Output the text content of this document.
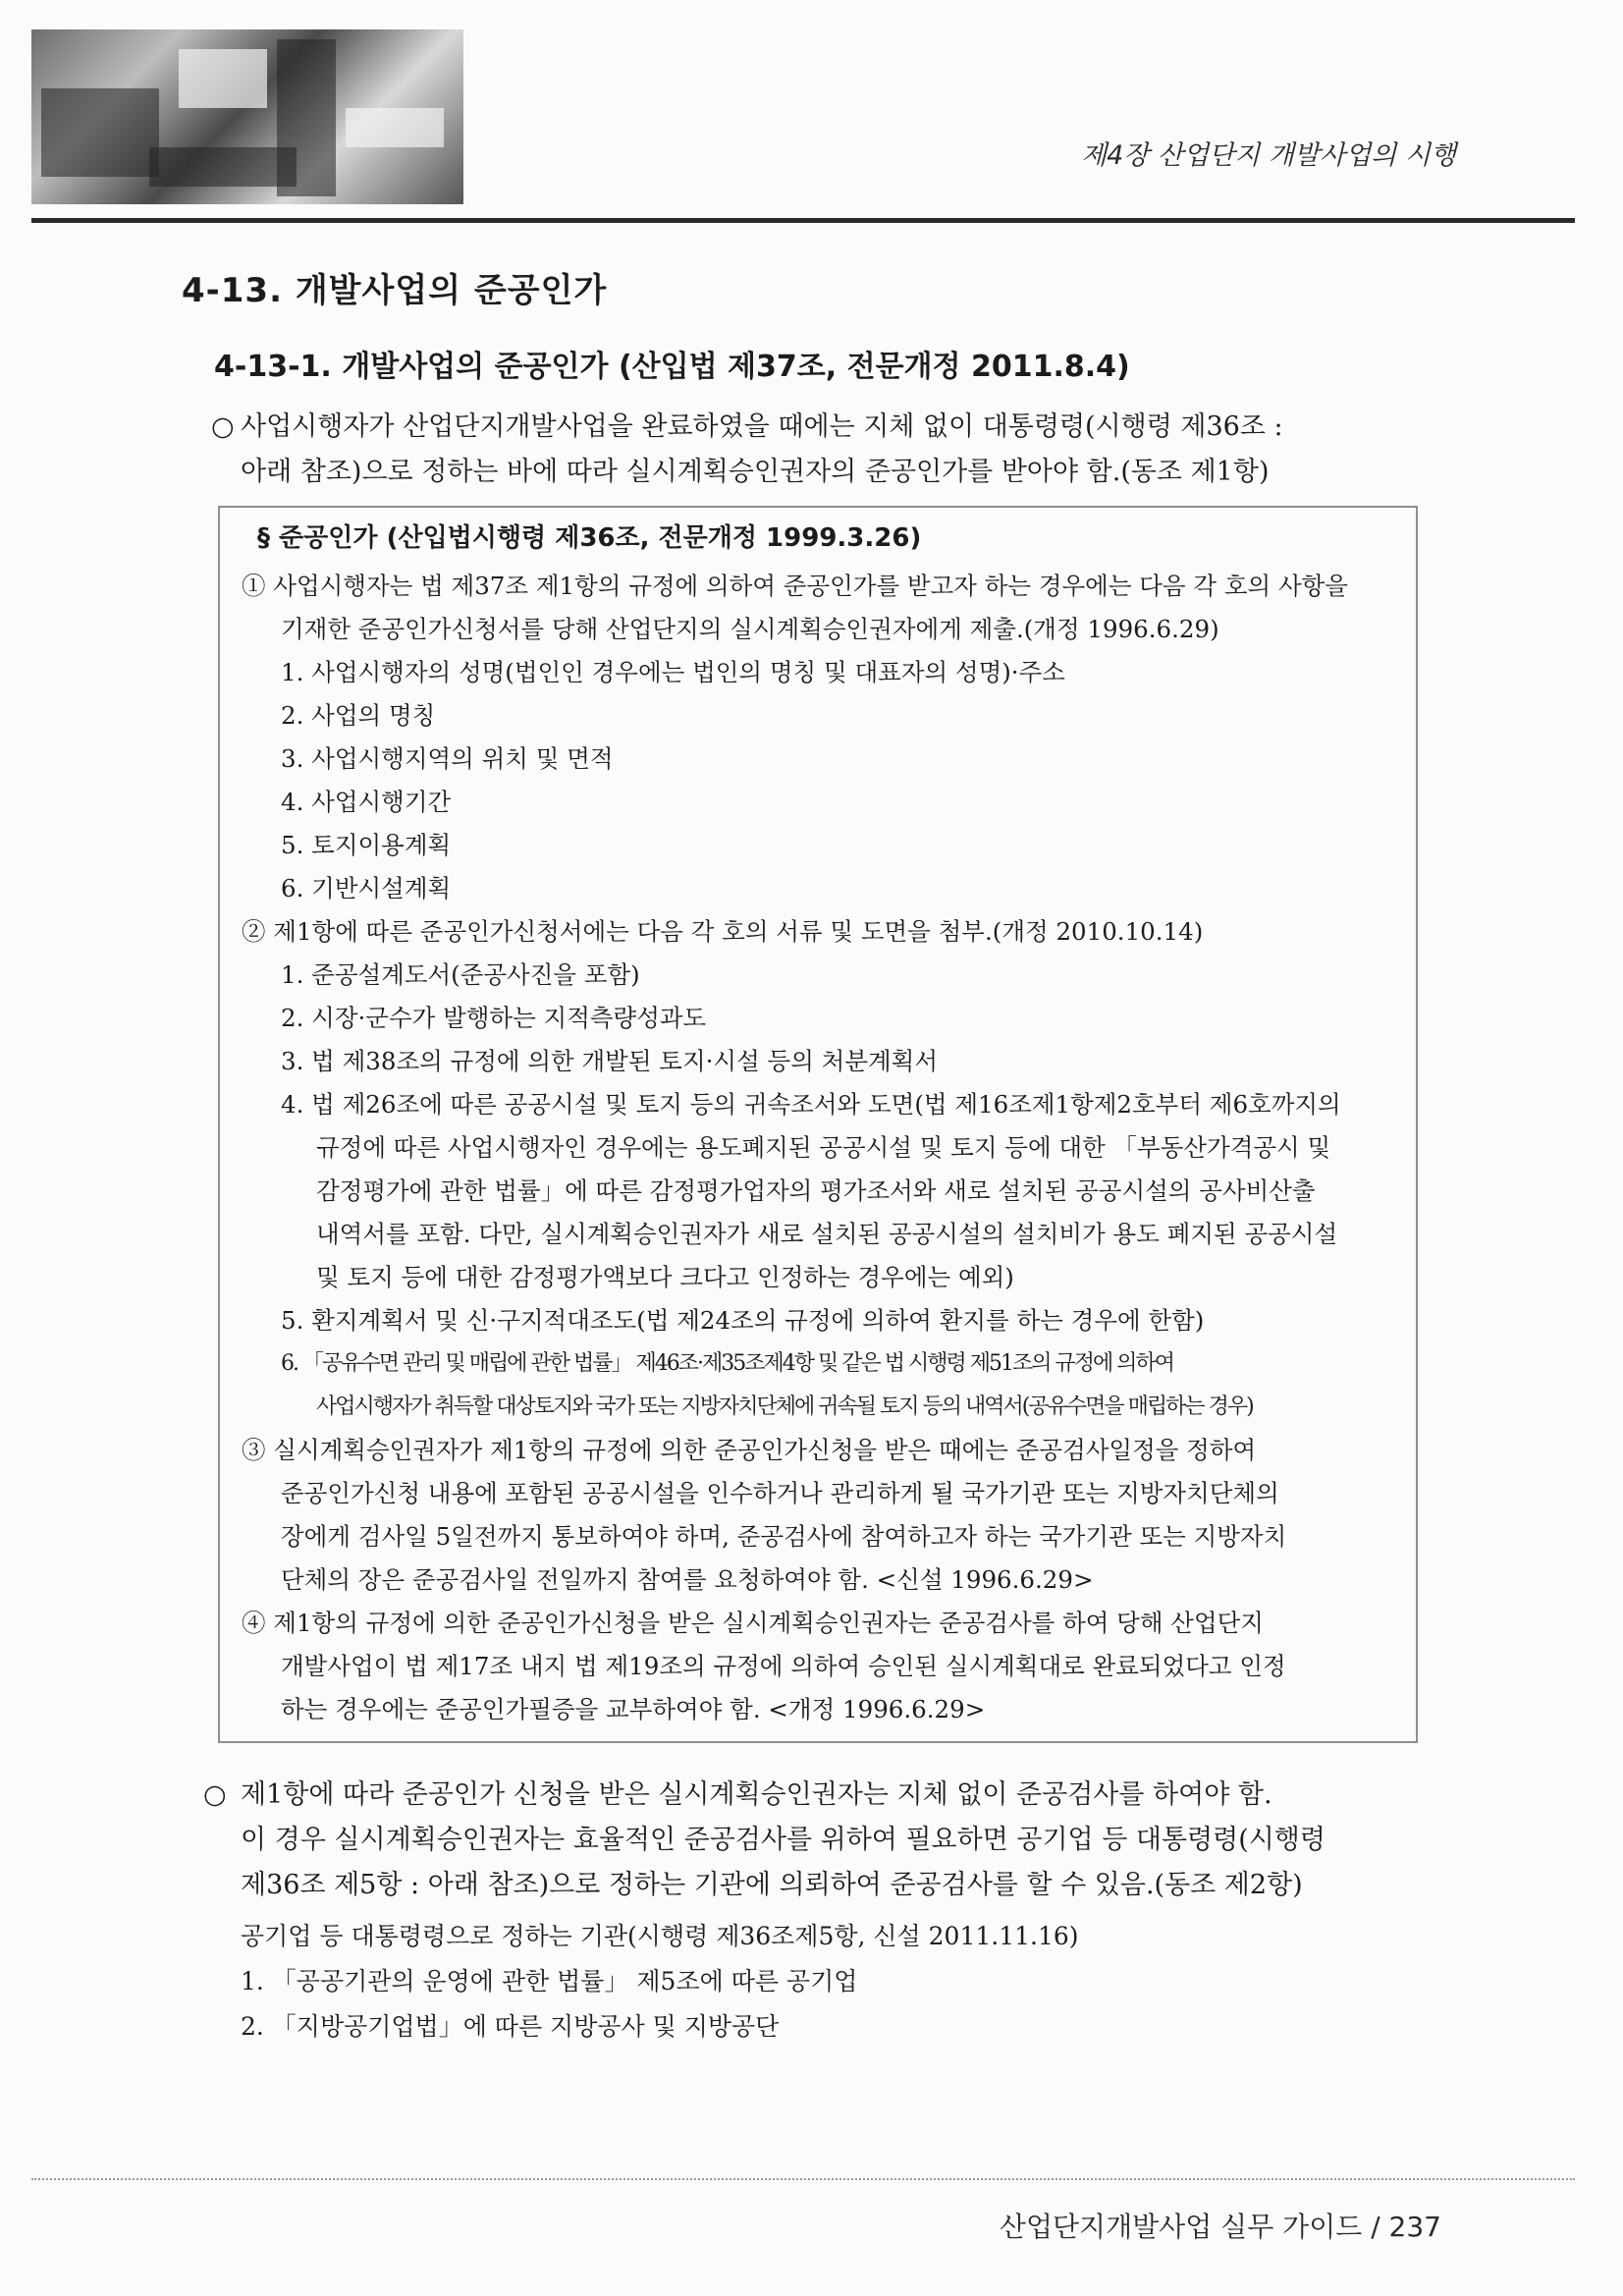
제4장 산업단지 개발사업의 시행
4-13. 개발사업의 준공인가
4-13-1. 개발사업의 준공인가 (산입법 제37조, 전문개정 2011.8.4)
○ 사업시행자가 산업단지개발사업을 완료하였을 때에는 지체 없이 대통령령(시행령 제36조 :
아래 참조)으로 정하는 바에 따라 실시계획승인권자의 준공인가를 받아야 함.(동조 제1항)
§ 준공인가 (산입법시행령 제36조, 전문개정 1999.3.26)
① 사업시행자는 법 제37조 제1항의 규정에 의하여 준공인가를 받고자 하는 경우에는 다음 각 호의 사항을
기재한 준공인가신청서를 당해 산업단지의 실시계획승인권자에게 제출.(개정 1996.6.29)
1. 사업시행자의 성명(법인인 경우에는 법인의 명칭 및 대표자의 성명)·주소
2. 사업의 명칭
3. 사업시행지역의 위치 및 면적
4. 사업시행기간
5. 토지이용계획
6. 기반시설계획
② 제1항에 따른 준공인가신청서에는 다음 각 호의 서류 및 도면을 첨부.(개정 2010.10.14)
1. 준공설계도서(준공사진을 포함)
2. 시장·군수가 발행하는 지적측량성과도
3. 법 제38조의 규정에 의한 개발된 토지·시설 등의 처분계획서
4. 법 제26조에 따른 공공시설 및 토지 등의 귀속조서와 도면(법 제16조제1항제2호부터 제6호까지의
규정에 따른 사업시행자인 경우에는 용도폐지된 공공시설 및 토지 등에 대한 「부동산가격공시 및
감정평가에 관한 법률」에 따른 감정평가업자의 평가조서와 새로 설치된 공공시설의 공사비산출
내역서를 포함. 다만, 실시계획승인권자가 새로 설치된 공공시설의 설치비가 용도 폐지된 공공시설
및 토지 등에 대한 감정평가액보다 크다고 인정하는 경우에는 예외)
5. 환지계획서 및 신·구지적대조도(법 제24조의 규정에 의하여 환지를 하는 경우에 한함)
6. 「공유수면 관리 및 매립에 관한 법률」 제46조·제35조제4항 및 같은 법 시행령 제51조의 규정에 의하여
사업시행자가 취득할 대상토지와 국가 또는 지방자치단체에 귀속될 토지 등의 내역서(공유수면을 매립하는 경우)
③ 실시계획승인권자가 제1항의 규정에 의한 준공인가신청을 받은 때에는 준공검사일정을 정하여
준공인가신청 내용에 포함된 공공시설을 인수하거나 관리하게 될 국가기관 또는 지방자치단체의
장에게 검사일 5일전까지 통보하여야 하며, 준공검사에 참여하고자 하는 국가기관 또는 지방자치
단체의 장은 준공검사일 전일까지 참여를 요청하여야 함. <신설 1996.6.29>
④ 제1항의 규정에 의한 준공인가신청을 받은 실시계획승인권자는 준공검사를 하여 당해 산업단지
개발사업이 법 제17조 내지 법 제19조의 규정에 의하여 승인된 실시계획대로 완료되었다고 인정
하는 경우에는 준공인가필증을 교부하여야 함. <개정 1996.6.29>
○ 제1항에 따라 준공인가 신청을 받은 실시계획승인권자는 지체 없이 준공검사를 하여야 함.
이 경우 실시계획승인권자는 효율적인 준공검사를 위하여 필요하면 공기업 등 대통령령(시행령
제36조 제5항 : 아래 참조)으로 정하는 기관에 의뢰하여 준공검사를 할 수 있음.(동조 제2항)
공기업 등 대통령령으로 정하는 기관(시행령 제36조제5항, 신설 2011.11.16)
1. 「공공기관의 운영에 관한 법률」 제5조에 따른 공기업
2. 「지방공기업법」에 따른 지방공사 및 지방공단
산업단지개발사업 실무 가이드 / 237
